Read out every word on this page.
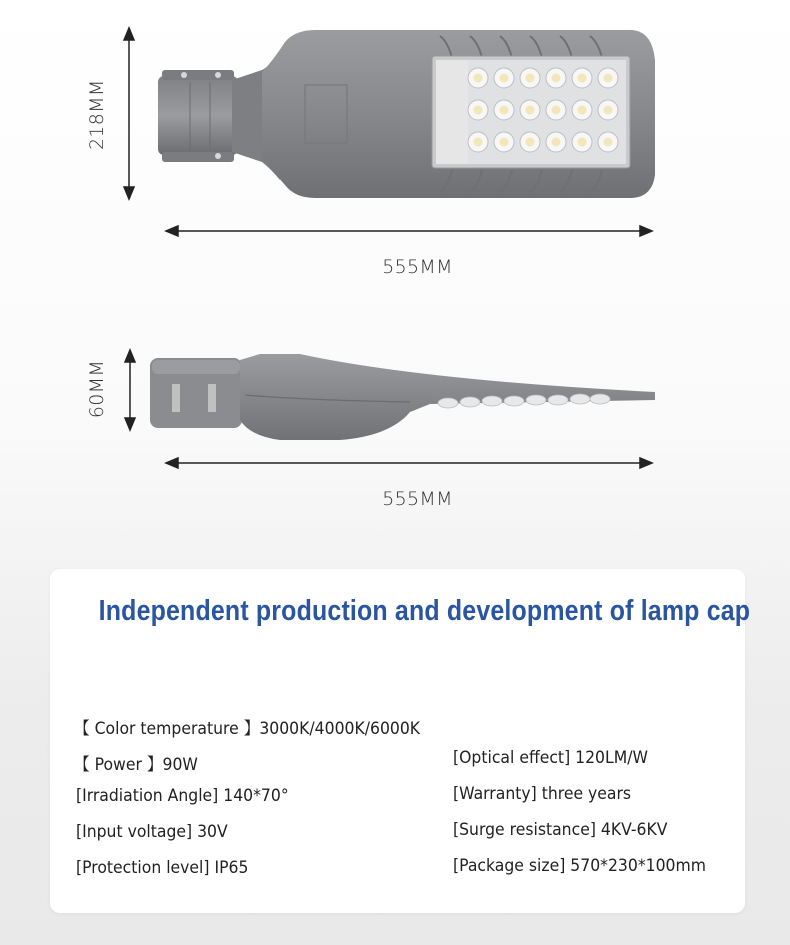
218MM
555MM
60MM
555MM
Independent production and development of lamp cap
【 Color temperature 】3000K/4000K/6000K
【 Power 】90W
[Irradiation Angle] 140*70°
[Input voltage] 30V
[Protection level] IP65
[Optical effect] 120LM/W
[Warranty] three years
[Surge resistance] 4KV-6KV
[Package size] 570*230*100mm
